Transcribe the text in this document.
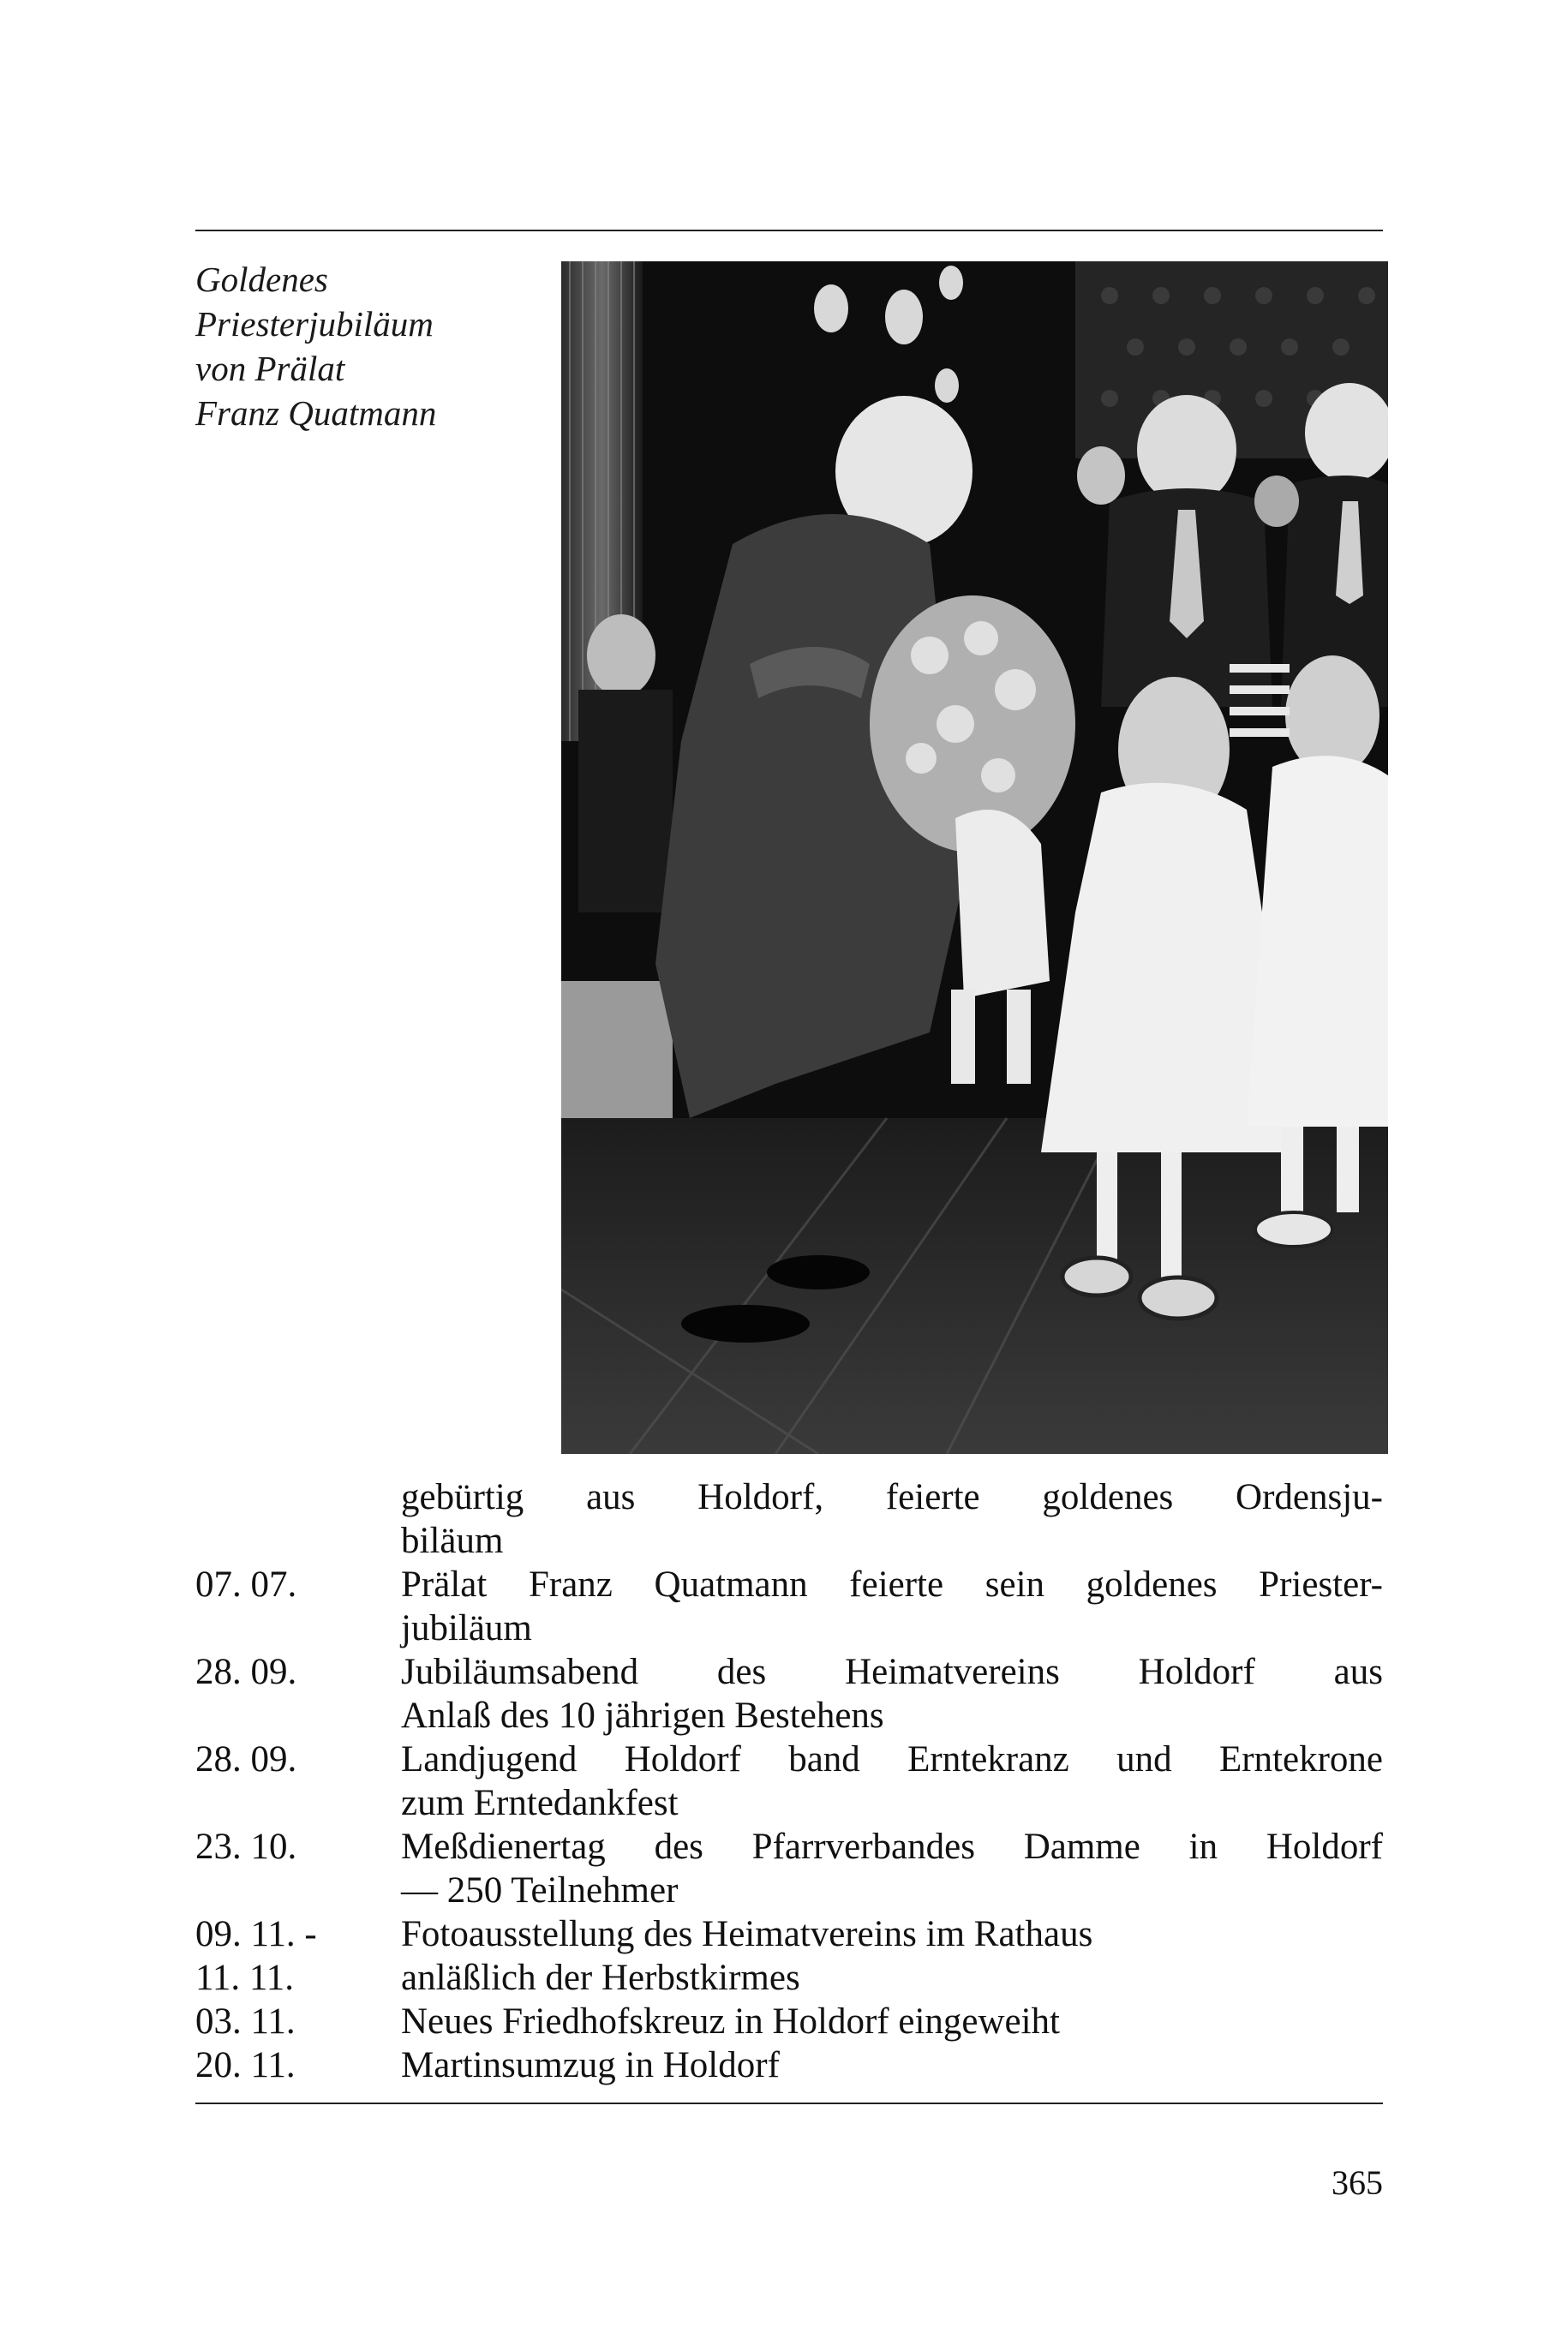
Goldenes
Priesterjubiläum
von Prälat
Franz Quatmann
gebürtig aus Holdorf, feierte goldenes Ordensju-
biläum
07. 07.	Prälat Franz Quatmann feierte sein goldenes Priester-
jubiläum
28. 09.	Jubiläumsabend des Heimatvereins Holdorf aus
Anlaß des 10 jährigen Bestehens
28. 09.	Landjugend Holdorf band Erntekranz und Erntekrone
zum Erntedankfest
23. 10.	Meßdienertag des Pfarrverbandes Damme in Holdorf
— 250 Teilnehmer
09. 11. -	Fotoausstellung des Heimatvereins im Rathaus
11. 11.	anläßlich der Herbstkirmes
03. 11.	Neues Friedhofskreuz in Holdorf eingeweiht
20. 11.	Martinsumzug in Holdorf
365
